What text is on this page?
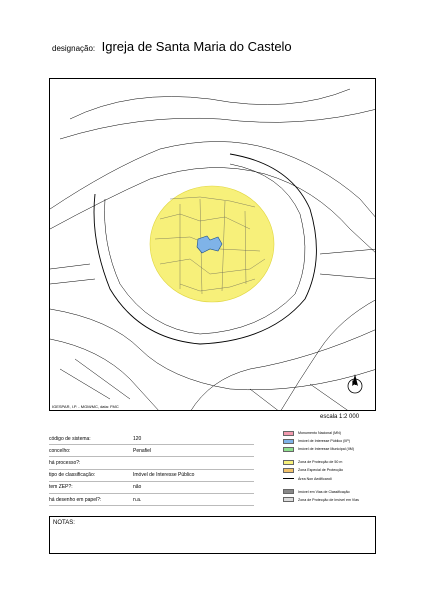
designação: Igreja de Santa Maria do Castelo
IGESPAR, I.P. - MGM/MC, data: FMC
N
escala 1:2 000
código de sistema:	120
concelho:	Penafiel
há processo?:
tipo de classificação:	Imóvel de Interesse Público
tem ZEP?:	não
há desenho em papel?:	n.a.
Monumento Nacional (MN)
Imóvel de Interesse Público (IIP)
Imóvel de Interesse Municipal (IIM)
Zona de Protecção de 50 m
Zona Especial de Protecção
Área Non Aedificandi
Imóvel em Vias de Classificação
Zona de Protecção de Imóvel em Vias
NOTAS:
